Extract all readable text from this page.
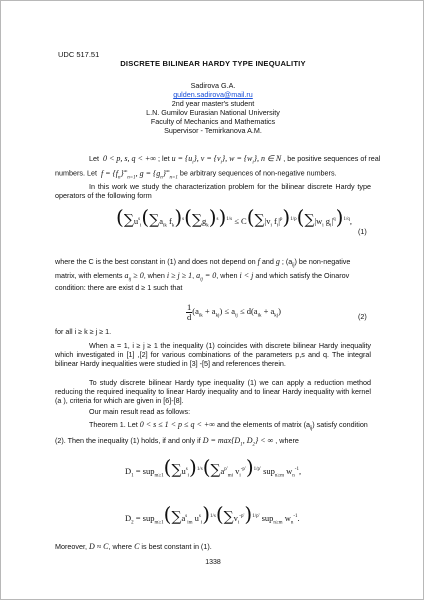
UDC 517.51
DISCRETE BILINEAR HARDY TYPE INEQUALITIY
Sadirova G.A.
gulden.sadirova@mail.ru
2nd year master's student
L.N. Gumilov Eurasian National University
Faculty of Mechanics and Mathematics
Supervisor - Temirkanova A.M.
Let  0 < p, s, q < +∞ ; let $u = \{u_i\}$, $v = \{v_i\}$, $w = \{w_i\}$, n ∈ N , be positive sequences of real
numbers. Let  $f = \{f_n\}^\infty_{n=1}$, $g = \{g_n\}^\infty_{n=1}$ be arbitrary sequences of non-negative numbers.
In this work we study the characterization problem for the bilinear discrete Hardy type operators of the following form
($\sum u^s_i(\sum a_{ik}$ $f_k)^s(\sum g_k)^s)^{1/s} \le C(\sum|v_i$ $f_i|^p)^{1/p}(\sum|w_i$ $g_i|^q)^{1/q}$,
(1)
where the C is the best constant in (1) and does not depend on f and g ; $(a_{ij})$ be non-negative
matrix, with elements $a_{ij} \ge 0$, when i ≥ j ≥ 1, $a_{ij} = 0$, when i < j and which satisfy the Oinarov
condition: there are exist d ≥ 1 such that
$\frac{1}{d}(a_{ik} + a_{kj}) \le a_{ij} \le d(a_{ik} + a_{kj})$
(2)
for all i ≥ k ≥ j ≥ 1.
When a = 1, i ≥ j ≥ 1 the inequality (1) coincides with discrete bilinear Hardy inequality which investigated in [1] ,[2] for various combinations of the parameters p,s and q. The integral bilinear Hardy inequalities were studied in [3] -[5] and references therein.
To study discrete bilinear Hardy type inequality (1) we can apply a reduction method reducing the required inequality to linear Hardy inequality and to linear Hardy inequality with kernel (a ), criteria for which are given in [6]-[8].
Our main result read as follows:
Theorem 1. Let 0 < s ≤ 1 < p ≤ q < +∞ and the elements of matrix $(a_{ij})$ satisfy condition
(2). Then the inequality (1) holds, if and only if $D = \max\{D_1$, $D_2$} < ∞ , where
$D_1 = sup_{m\ge 1}(\sum u^s_i)^{1/s}(\sum a^{p'}_{mi}$ $v_i^{-p'})^{1/p'}$ sup$_{n\ge m}$ $w_n^{-1}$,
$D_2 = sup_{m\ge 1}(\sum a^s_{im}$ $u^s_i)^{1/s}(\sum v_i^{-p'})^{1/p'}$ sup$_{n\ge m}$ $w_n^{-1}$.
Moreover, D ≈ C, where C is best constant in (1).
1338
